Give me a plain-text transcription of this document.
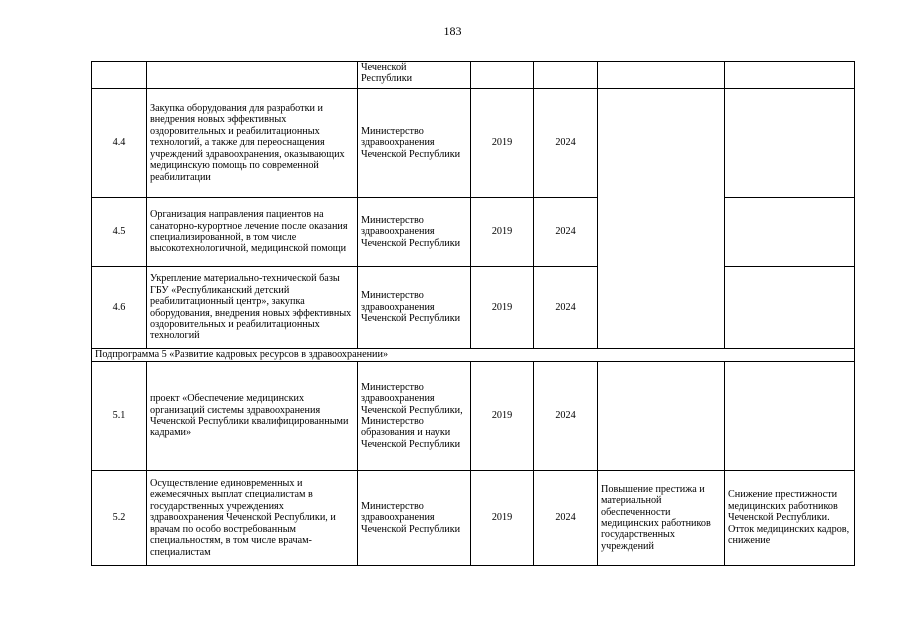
183
		Чеченской
Республики				
4.4	Закупка оборудования для разработки и внедрения новых эффективных оздоровительных и реабилитационных технологий, а также для переоснащения учреждений здравоохранения, оказывающих медицинскую помощь по современной реабилитации	Министерство здравоохранения Чеченской Республики	2019	2024		
4.5	Организация направления пациентов на санаторно-курортное лечение после оказания специализированной, в том числе высокотехнологичной, медицинской помощи	Министерство здравоохранения Чеченской Республики	2019	2024		
4.6	Укрепление материально-технической базы ГБУ «Республиканский детский реабилитационный центр», закупка оборудования, внедрения новых эффективных оздоровительных и реабилитационных технологий	Министерство здравоохранения Чеченской Республики	2019	2024		
Подпрограмма 5 «Развитие кадровых ресурсов в здравоохранении»						
5.1	проект «Обеспечение медицинских организаций системы здравоохранения Чеченской Республики квалифицированными кадрами»	Министерство здравоохранения Чеченской Республики, Министерство образования и науки Чеченской Республики	2019	2024		
5.2	Осуществление единовременных и ежемесячных выплат специалистам в государственных учреждениях здравоохранения Чеченской Республики, и врачам по особо востребованным специальностям, в том числе врачам-специалистам	Министерство здравоохранения Чеченской Республики	2019	2024	Повышение престижа и материальной обеспеченности медицинских работников государственных учреждений	Снижение престижности медицинских работников Чеченской Республики. Отток медицинских кадров, снижение
